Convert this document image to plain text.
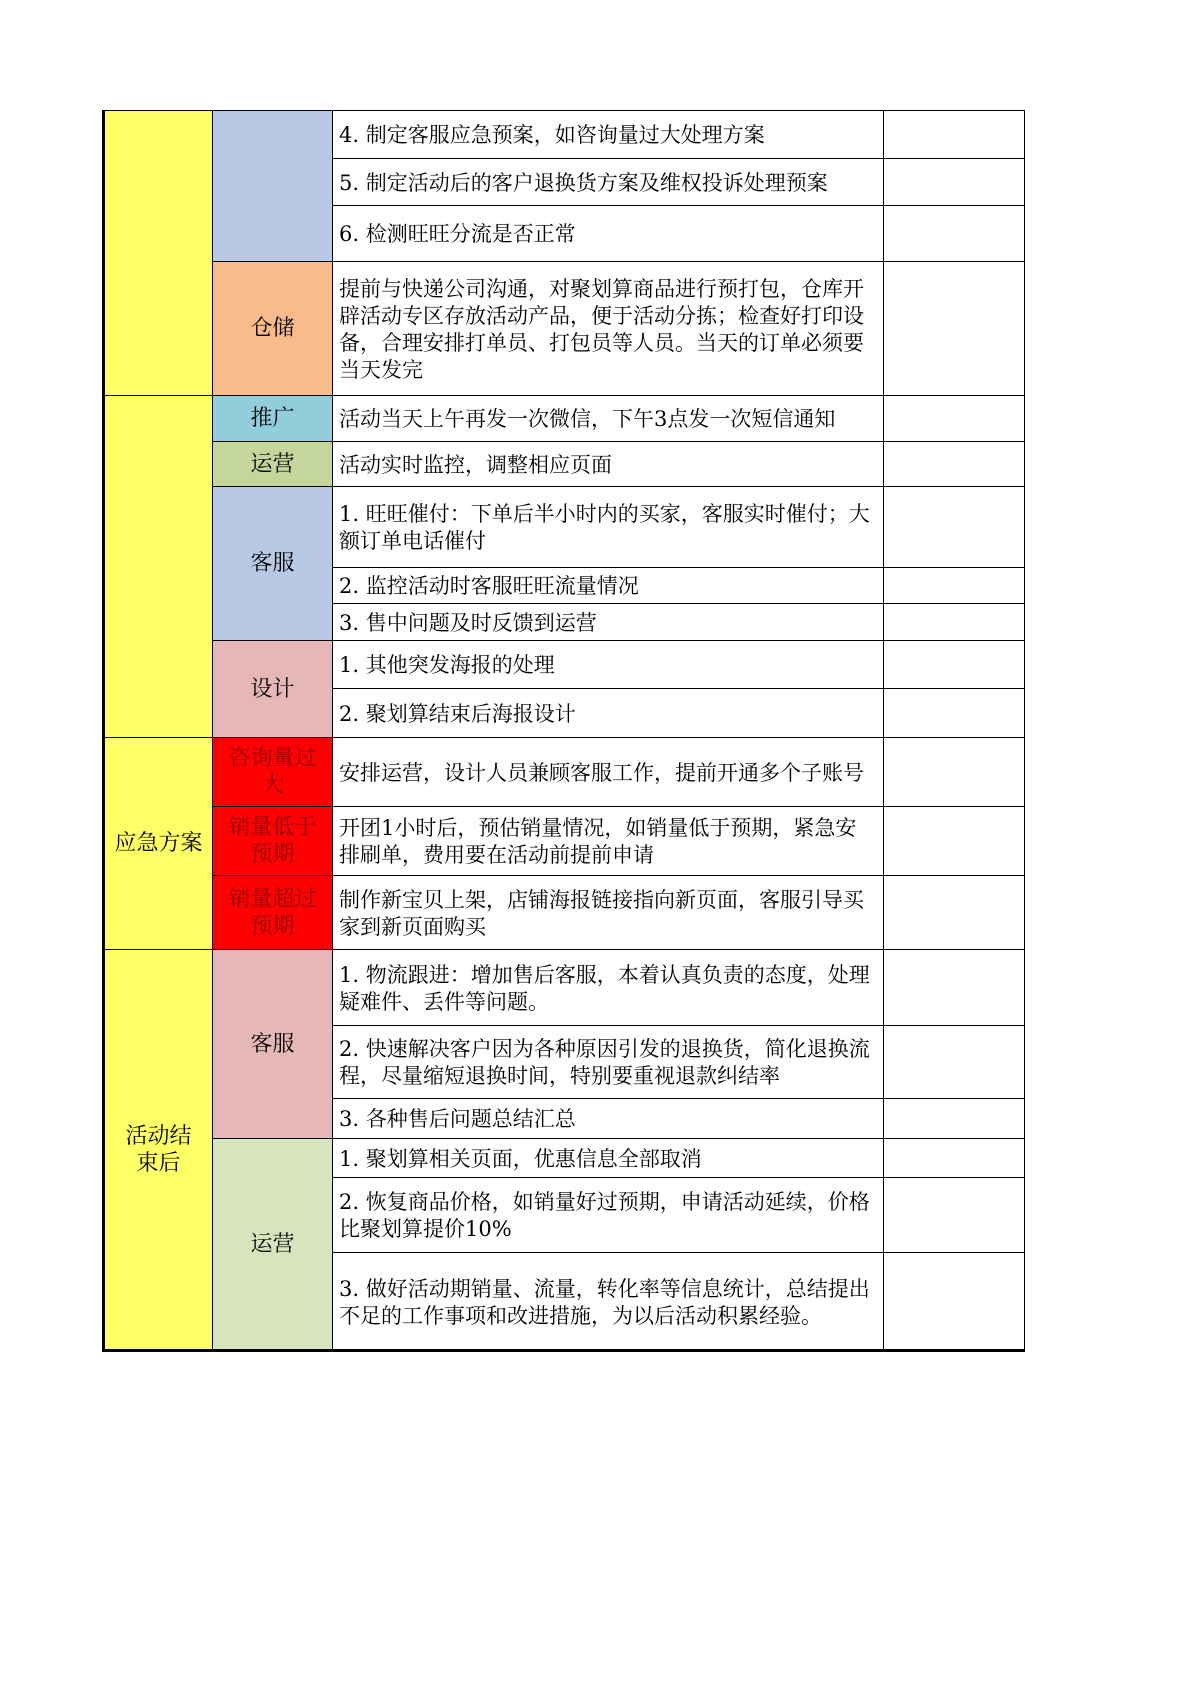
应急方案
活动结束后
仓储
推广
运营
客服
设计
咨询量过大
销量低于预期
销量超过预期
客服
运营
4. 制定客服应急预案，如咨询量过大处理方案
5. 制定活动后的客户退换货方案及维权投诉处理预案
6. 检测旺旺分流是否正常
提前与快递公司沟通，对聚划算商品进行预打包，仓库开辟活动专区存放活动产品，便于活动分拣；检查好打印设备，合理安排打单员、打包员等人员。当天的订单必须要当天发完
活动当天上午再发一次微信，下午3点发一次短信通知
活动实时监控，调整相应页面
1. 旺旺催付：下单后半小时内的买家，客服实时催付；大额订单电话催付
2. 监控活动时客服旺旺流量情况
3. 售中问题及时反馈到运营
1. 其他突发海报的处理
2. 聚划算结束后海报设计
安排运营，设计人员兼顾客服工作，提前开通多个子账号
开团1小时后，预估销量情况，如销量低于预期，紧急安排刷单，费用要在活动前提前申请
制作新宝贝上架，店铺海报链接指向新页面，客服引导买家到新页面购买
1. 物流跟进：增加售后客服，本着认真负责的态度，处理疑难件、丢件等问题。
2. 快速解决客户因为各种原因引发的退换货，简化退换流程，尽量缩短退换时间，特别要重视退款纠结率
3. 各种售后问题总结汇总
1. 聚划算相关页面，优惠信息全部取消
2. 恢复商品价格，如销量好过预期，申请活动延续，价格比聚划算提价10%
3. 做好活动期销量、流量，转化率等信息统计，总结提出不足的工作事项和改进措施，为以后活动积累经验。
